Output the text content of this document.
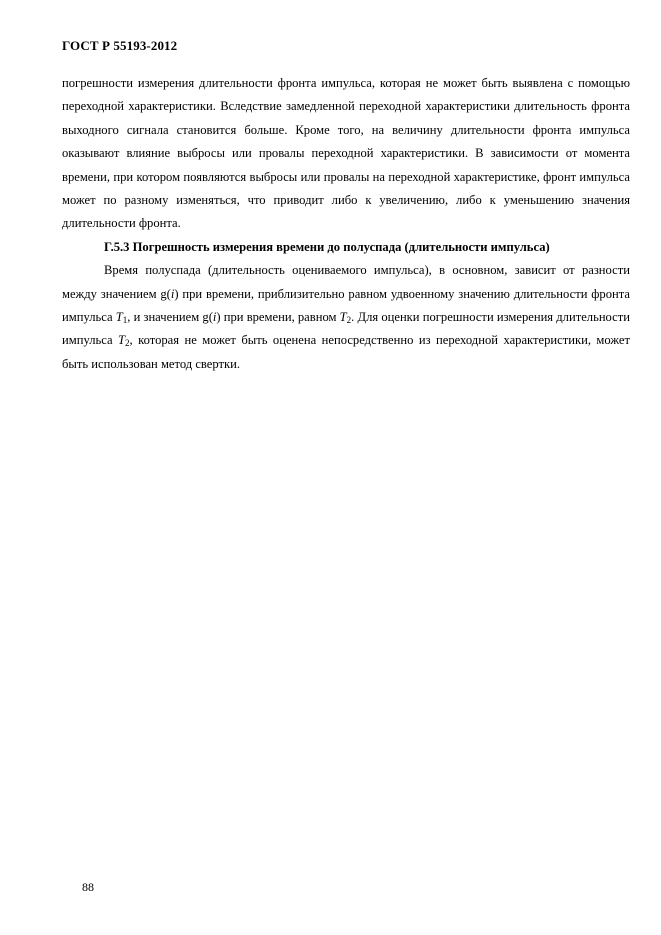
ГОСТ Р 55193-2012

погрешности измерения длительности фронта импульса, которая не может быть выявлена с помощью переходной характеристики. Вследствие замедленной переходной характеристики длительность фронта выходного сигнала становится больше. Кроме того, на величину длительности фронта импульса оказывают влияние выбросы или провалы переходной характеристики. В зависимости от момента времени, при котором появляются выбросы или провалы на переходной характеристике, фронт импульса может по разному изменяться, что приводит либо к увеличению, либо к уменьшению значения длительности фронта.

Г.5.3 Погрешность измерения времени до полуспада (длительности импульса)

Время полуспада (длительность оцениваемого импульса), в основном, зависит от разности между значением g(i) при времени, приблизительно равном удвоенному значению длительности фронта импульса $T_1$, и значением g(i) при времени, равном $T_2$. Для оценки погрешности измерения длительности импульса $T_2$, которая не может быть оценена непосредственно из переходной характеристики, может быть использован метод свертки.

88
